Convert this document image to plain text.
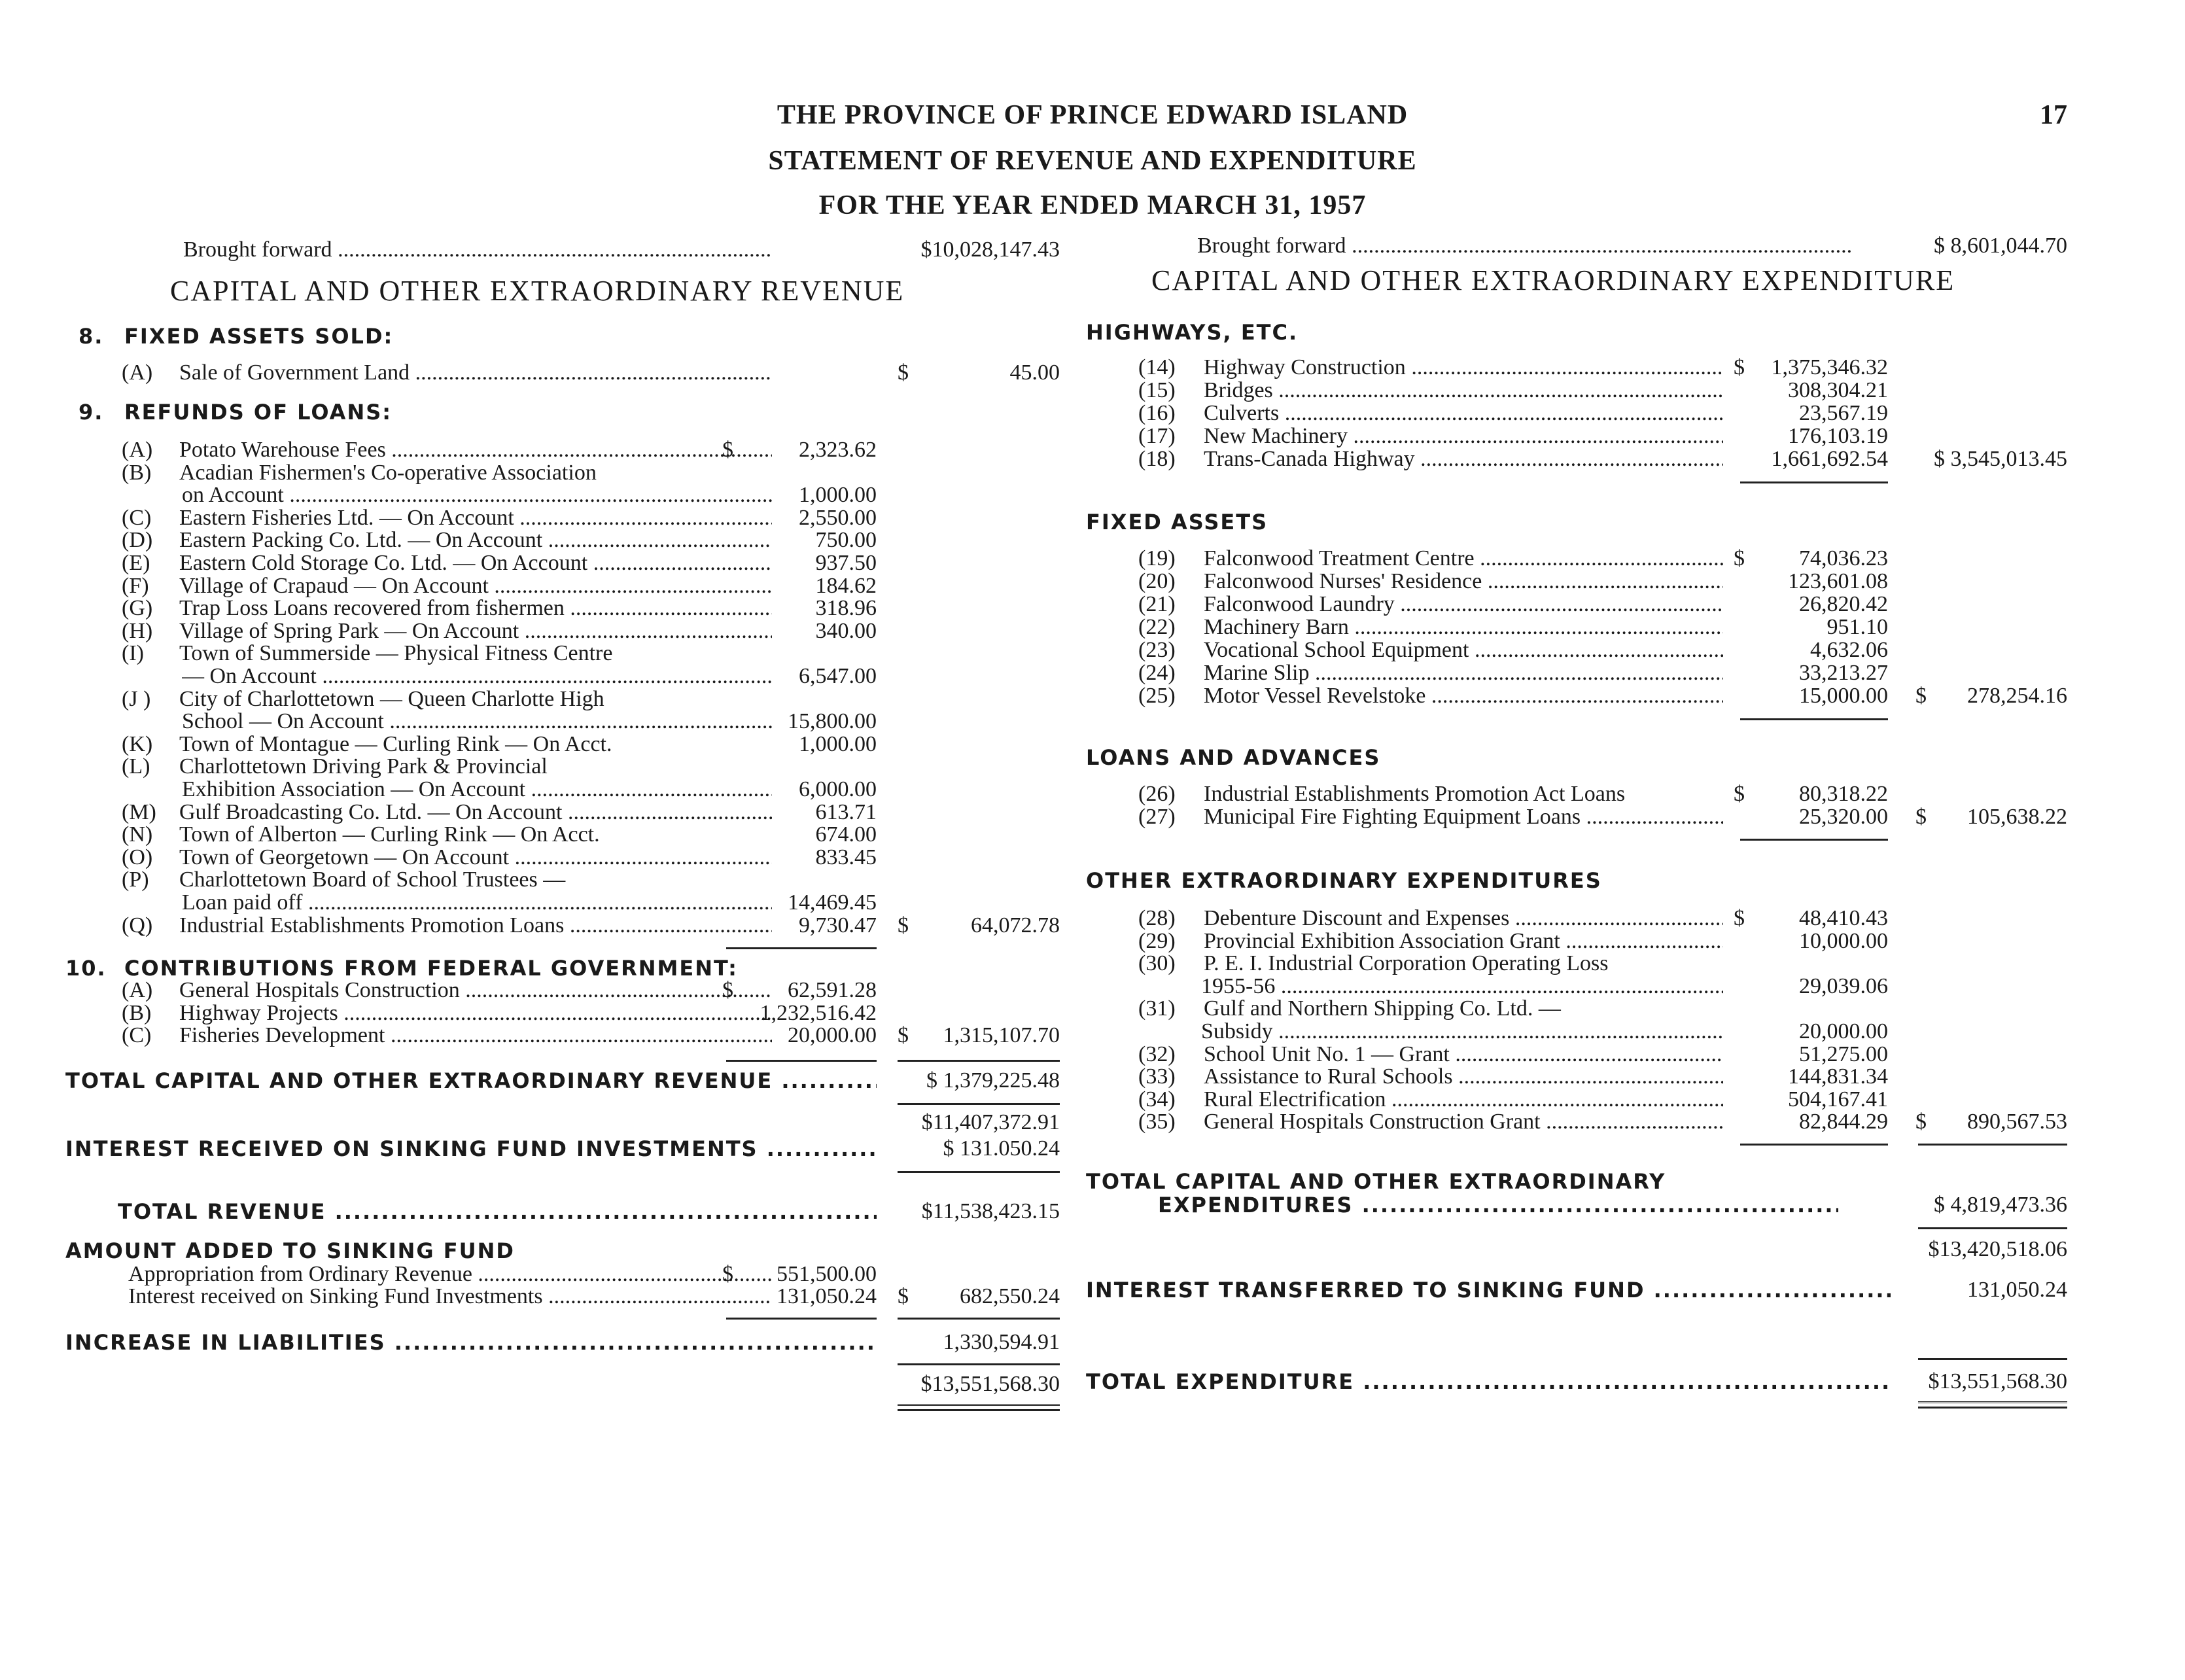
THE PROVINCE OF PRINCE EDWARD ISLAND
STATEMENT OF REVENUE AND EXPENDITURE
FOR THE YEAR ENDED MARCH 31, 1957
17
Brought forward .....	$10,028,147.43
CAPITAL AND OTHER EXTRAORDINARY REVENUE
8. FIXED ASSETS SOLD:
(A) Sale of Government Land .....	$	45.00
9. REFUNDS OF LOANS:
(A) Potato Warehouse Fees .....	$	2,323.62
(B) Acadian Fishermen's Co-operative Association
on Account .....	1,000.00
(C) Eastern Fisheries Ltd. — On Account .....	2,550.00
(D) Eastern Packing Co. Ltd. — On Account .....	750.00
(E) Eastern Cold Storage Co. Ltd. — On Account .....	937.50
(F) Village of Crapaud — On Account .....	184.62
(G) Trap Loss Loans recovered from fishermen .....	318.96
(H) Village of Spring Park — On Account .....	340.00
(I) Town of Summerside — Physical Fitness Centre
— On Account .....	6,547.00
(J ) City of Charlottetown — Queen Charlotte High
School — On Account .....	15,800.00
(K) Town of Montague — Curling Rink — On Acct.	1,000.00
(L) Charlottetown Driving Park & Provincial
Exhibition Association — On Account .....	6,000.00
(M) Gulf Broadcasting Co. Ltd. — On Account .....	613.71
(N) Town of Alberton — Curling Rink — On Acct.	674.00
(O) Town of Georgetown — On Account .....	833.45
(P) Charlottetown Board of School Trustees —
Loan paid off .....	14,469.45
(Q) Industrial Establishments Promotion Loans .....	9,730.47 $	64,072.78
10. CONTRIBUTIONS FROM FEDERAL GOVERNMENT:
(A) General Hospitals Construction .....	$ 62,591.28
(B) Highway Projects .....	1,232,516.42
(C) Fisheries Development .....	20,000.00 $ 1,315,107.70
TOTAL CAPITAL AND OTHER EXTRAORDINARY REVENUE .....	$ 1,379,225.48
$11,407,372.91
INTEREST RECEIVED ON SINKING FUND INVESTMENTS .....	$ 131.050.24
TOTAL REVENUE .....	$11,538,423.15
AMOUNT ADDED TO SINKING FUND
Appropriation from Ordinary Revenue .....	$ 551,500.00
Interest received on Sinking Fund Investments .....	131,050.24 $ 682,550.24
INCREASE IN LIABILITIES .....	1,330,594.91
$13,551,568.30
Brought forward .....	$ 8,601,044.70
CAPITAL AND OTHER EXTRAORDINARY EXPENDITURE
HIGHWAYS, ETC.
(14) Highway Construction .....	$ 1,375,346.32
(15) Bridges .....	308,304.21
(16) Culverts .....	23,567.19
(17) New Machinery .....	176,103.19
(18) Trans-Canada Highway .....	1,661,692.54 $ 3,545,013.45
FIXED ASSETS
(19) Falconwood Treatment Centre .....	$ 74,036.23
(20) Falconwood Nurses' Residence .....	123,601.08
(21) Falconwood Laundry .....	26,820.42
(22) Machinery Barn .....	951.10
(23) Vocational School Equipment .....	4,632.06
(24) Marine Slip .....	33,213.27
(25) Motor Vessel Revelstoke .....	15,000.00 $ 278,254.16
LOANS AND ADVANCES
(26) Industrial Establishments Promotion Act Loans	$ 80,318.22
(27) Municipal Fire Fighting Equipment Loans .....	25,320.00 $ 105,638.22
OTHER EXTRAORDINARY EXPENDITURES
(28) Debenture Discount and Expenses .....	$ 48,410.43
(29) Provincial Exhibition Association Grant .....	10,000.00
(30) P. E. I. Industrial Corporation Operating Loss
1955-56 .....	29,039.06
(31) Gulf and Northern Shipping Co. Ltd. —
Subsidy .....	20,000.00
(32) School Unit No. 1 — Grant .....	51,275.00
(33) Assistance to Rural Schools .....	144,831.34
(34) Rural Electrification .....	504,167.41
(35) General Hospitals Construction Grant .....	82,844.29 $ 890,567.53
TOTAL CAPITAL AND OTHER EXTRAORDINARY
EXPENDITURES .....	$ 4,819,473.36
$13,420,518.06
INTEREST TRANSFERRED TO SINKING FUND .....	131,050.24
TOTAL EXPENDITURE .....	$13,551,568.30
